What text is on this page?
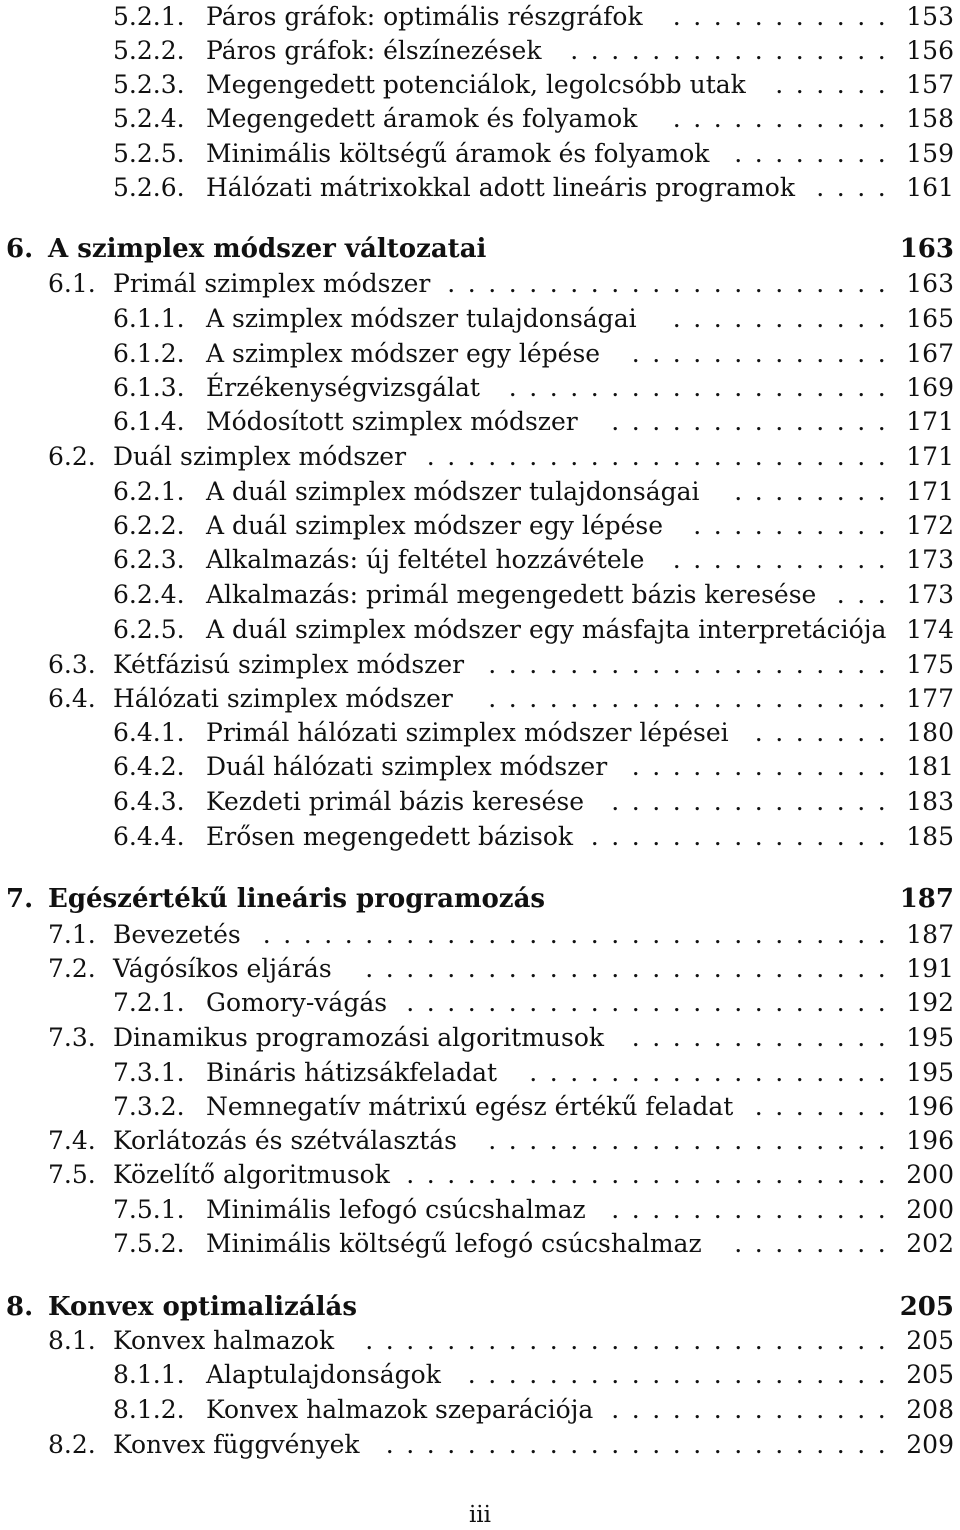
5.2.1. Páros gráfok: optimális részgráfok	153
. . . . . . . . . . .
5.2.2. Páros gráfok: élszínezések	156
. . . . . . . . . . . . . . . .
5.2.3. Megengedett potenciálok, legolcsóbb utak	157
. . . . . .
5.2.4. Megengedett áramok és folyamok	158
. . . . . . . . . . .
5.2.5. Minimális költségű áramok és folyamok	159
. . . . . . . .
5.2.6. Hálózati mátrixokkal adott lineáris programok	161
. . . .
6. A szimplex módszer változatai	163
6.1. Primál szimplex módszer	163
. . . . . . . . . . . . . . . . . . . . . .
6.1.1. A szimplex módszer tulajdonságai	165
. . . . . . . . . . .
6.1.2. A szimplex módszer egy lépése	167
. . . . . . . . . . . . .
6.1.3. Érzékenységvizsgálat	169
. . . . . . . . . . . . . . . . . . .
6.1.4. Módosított szimplex módszer	171
. . . . . . . . . . . . . .
6.2. Duál szimplex módszer	171
. . . . . . . . . . . . . . . . . . . . . . .
6.2.1. A duál szimplex módszer tulajdonságai	171
. . . . . . . .
6.2.2. A duál szimplex módszer egy lépése	172
. . . . . . . . . .
6.2.3. Alkalmazás: új feltétel hozzávétele	173
. . . . . . . . . . .
6.2.4. Alkalmazás: primál megengedett bázis keresése	173
. . .
6.2.5. A duál szimplex módszer egy másfajta interpretációja 174
6.3. Kétfázisú szimplex módszer	175
. . . . . . . . . . . . . . . . . . . .
6.4. Hálózati szimplex módszer	177
. . . . . . . . . . . . . . . . . . . .
6.4.1. Primál hálózati szimplex módszer lépései	180
. . . . . . .
6.4.2. Duál hálózati szimplex módszer	181
. . . . . . . . . . . . .
6.4.3. Kezdeti primál bázis keresése	183
. . . . . . . . . . . . . .
6.4.4. Erősen megengedett bázisok	185
. . . . . . . . . . . . . . .
7. Egészértékű lineáris programozás	187
7.1. Bevezetés	187
. . . . . . . . . . . . . . . . . . . . . . . . . . . . . . .
7.2. Vágósíkos eljárás	191
. . . . . . . . . . . . . . . . . . . . . . . . . .
7.2.1. Gomory-vágás	192
. . . . . . . . . . . . . . . . . . . . . . . .
7.3. Dinamikus programozási algoritmusok	195
. . . . . . . . . . . . .
7.3.1. Bináris hátizsákfeladat	195
. . . . . . . . . . . . . . . . . .
7.3.2. Nemnegatív mátrixú egész értékű feladat	196
. . . . . . .
7.4. Korlátozás és szétválasztás	196
. . . . . . . . . . . . . . . . . . . .
7.5. Közelítő algoritmusok	200
. . . . . . . . . . . . . . . . . . . . . . . .
7.5.1. Minimális lefogó csúcshalmaz	200
. . . . . . . . . . . . . .
7.5.2. Minimális költségű lefogó csúcshalmaz	202
. . . . . . . .
8. Konvex optimalizálás	205
8.1. Konvex halmazok	205
. . . . . . . . . . . . . . . . . . . . . . . . . .
8.1.1. Alaptulajdonságok	205
. . . . . . . . . . . . . . . . . . . . .
8.1.2. Konvex halmazok szeparációja	208
. . . . . . . . . . . . . .
8.2. Konvex függvények	209
. . . . . . . . . . . . . . . . . . . . . . . . .
iii
